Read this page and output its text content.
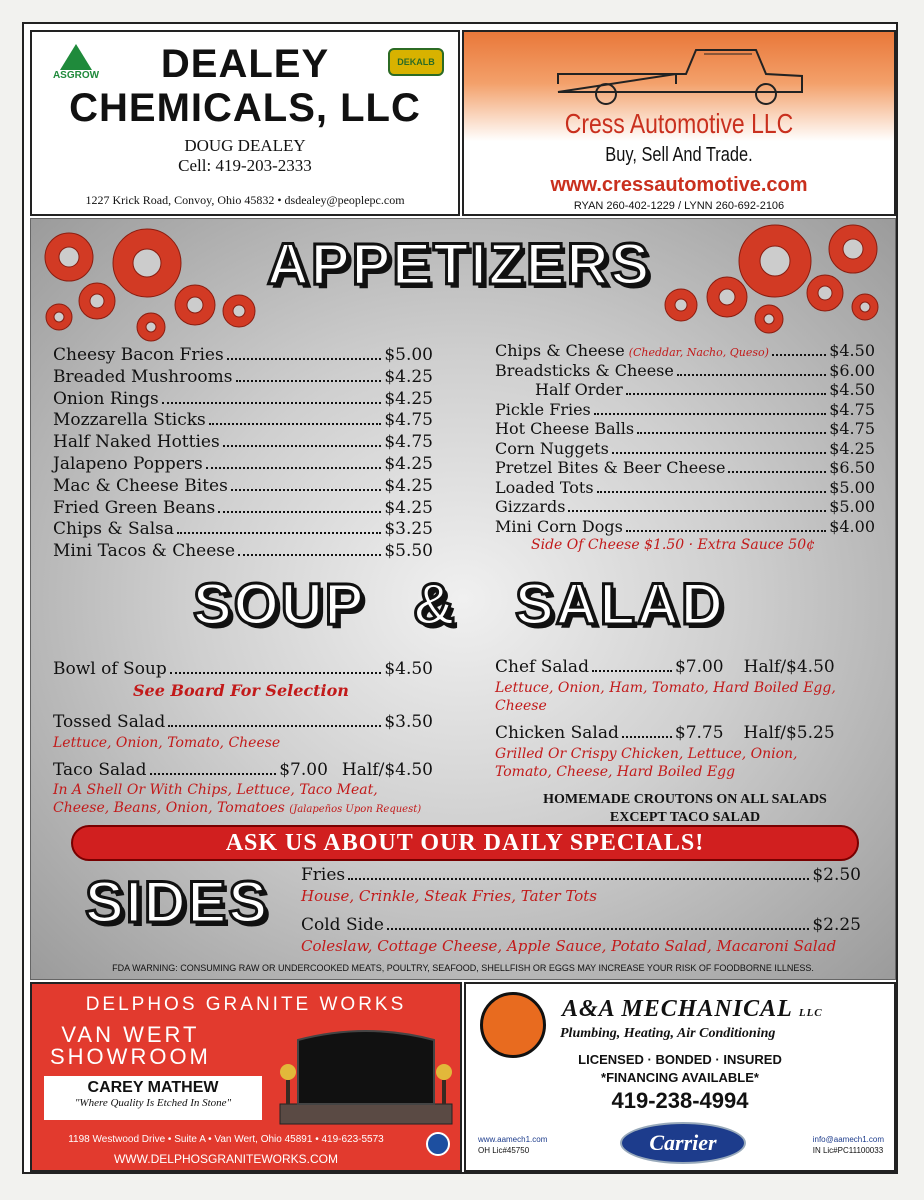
ASGROW
DEKALB
DEALEY
CHEMICALS, LLC
DOUG DEALEY
Cell: 419-203-2333
1227 Krick Road, Convoy, Ohio 45832 • dsdealey@peoplepc.com
Cress Automotive LLC
Buy, Sell And Trade.
www.cressautomotive.com
RYAN 260-402-1229 / LYNN 260-692-2106
APPETIZERS
Cheesy Bacon Fries	$5.00
Breaded Mushrooms	$4.25
Onion Rings	$4.25
Mozzarella Sticks	$4.75
Half Naked Hotties	$4.75
Jalapeno Poppers	$4.25
Mac & Cheese Bites	$4.25
Fried Green Beans	$4.25
Chips & Salsa	$3.25
Mini Tacos & Cheese	$5.50
Chips & Cheese (Cheddar, Nacho, Queso)	$4.50
Breadsticks & Cheese	$6.00
Half Order	$4.50
Pickle Fries	$4.75
Hot Cheese Balls	$4.75
Corn Nuggets	$4.25
Pretzel Bites & Beer Cheese	$6.50
Loaded Tots	$5.00
Gizzards	$5.00
Mini Corn Dogs	$4.00
Side Of Cheese $1.50 · Extra Sauce 50¢
SOUP & SALAD
Bowl of Soup	$4.50
See Board For Selection
Tossed Salad	$3.50
Lettuce, Onion, Tomato, Cheese
Taco Salad	$7.00 Half/$4.50
In A Shell Or With Chips, Lettuce, Taco Meat,
Cheese, Beans, Onion, Tomatoes (Jalapeños Upon Request)
Chef Salad	$7.00 Half/$4.50
Lettuce, Onion, Ham, Tomato, Hard Boiled Egg,
Cheese
Chicken Salad	$7.75 Half/$5.25
Grilled Or Crispy Chicken, Lettuce, Onion,
Tomato, Cheese, Hard Boiled Egg
HOMEMADE CROUTONS ON ALL SALADS
EXCEPT TACO SALAD
ASK US ABOUT OUR DAILY SPECIALS!
SIDES Fries	$2.50
House, Crinkle, Steak Fries, Tater Tots
Cold Side	$2.25
Coleslaw, Cottage Cheese, Apple Sauce, Potato Salad, Macaroni Salad
FDA WARNING: CONSUMING RAW OR UNDERCOOKED MEATS, POULTRY, SEAFOOD, SHELLFISH OR EGGS MAY INCREASE YOUR RISK OF FOODBORNE ILLNESS.
DELPHOS GRANITE WORKS
VAN WERT
SHOWROOM
CAREY MATHEW
"Where Quality Is Etched In Stone"
1198 Westwood Drive • Suite A • Van Wert, Ohio 45891 • 419-623-5573
WWW.DELPHOSGRANITEWORKS.COM
A&A MECHANICAL LLC
Plumbing, Heating, Air Conditioning
LICENSED · BONDED · INSURED
*FINANCING AVAILABLE*
419-238-4994
www.aamech1.com
OH Lic#45750	Carrier	info@aamech1.com
IN Lic#PC11100033
